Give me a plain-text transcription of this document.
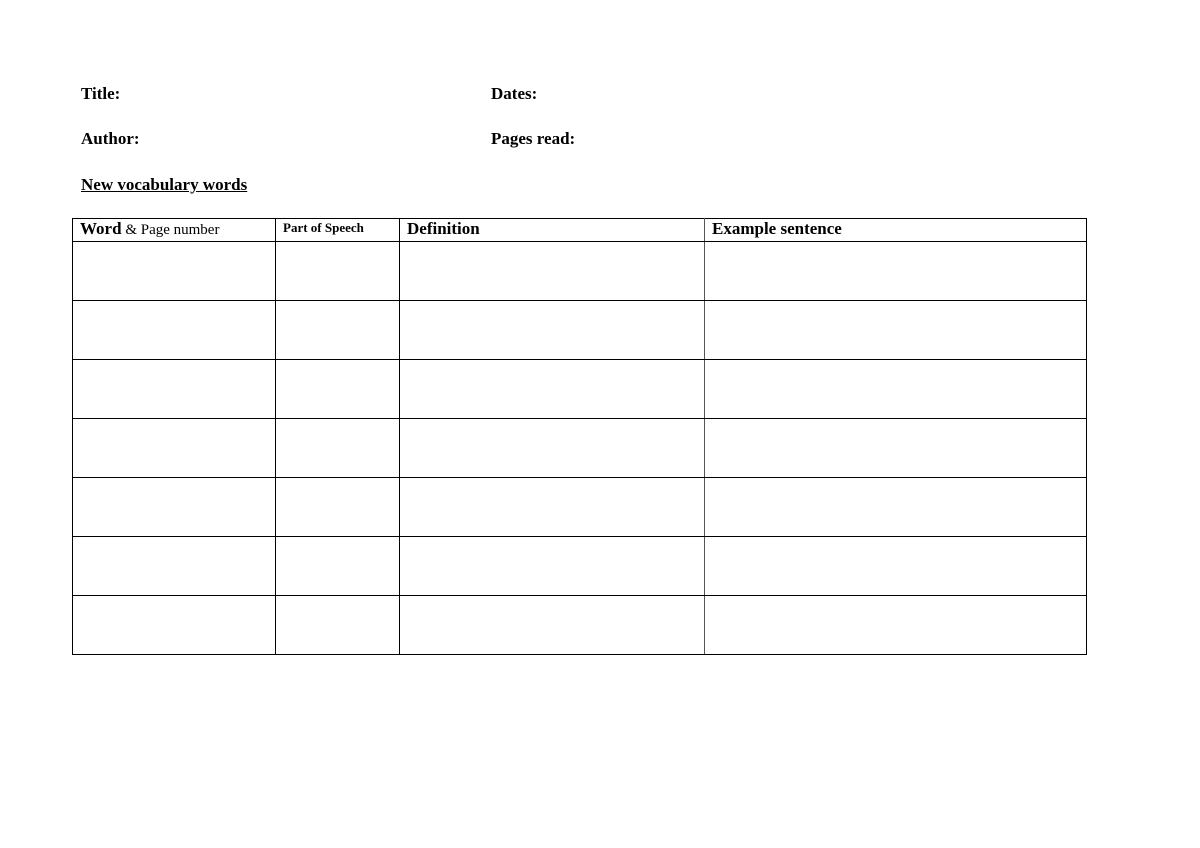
Title:	Dates:
Author:	Pages read:
New vocabulary words
Word & Page number	Part of Speech	Definition	Example sentence
